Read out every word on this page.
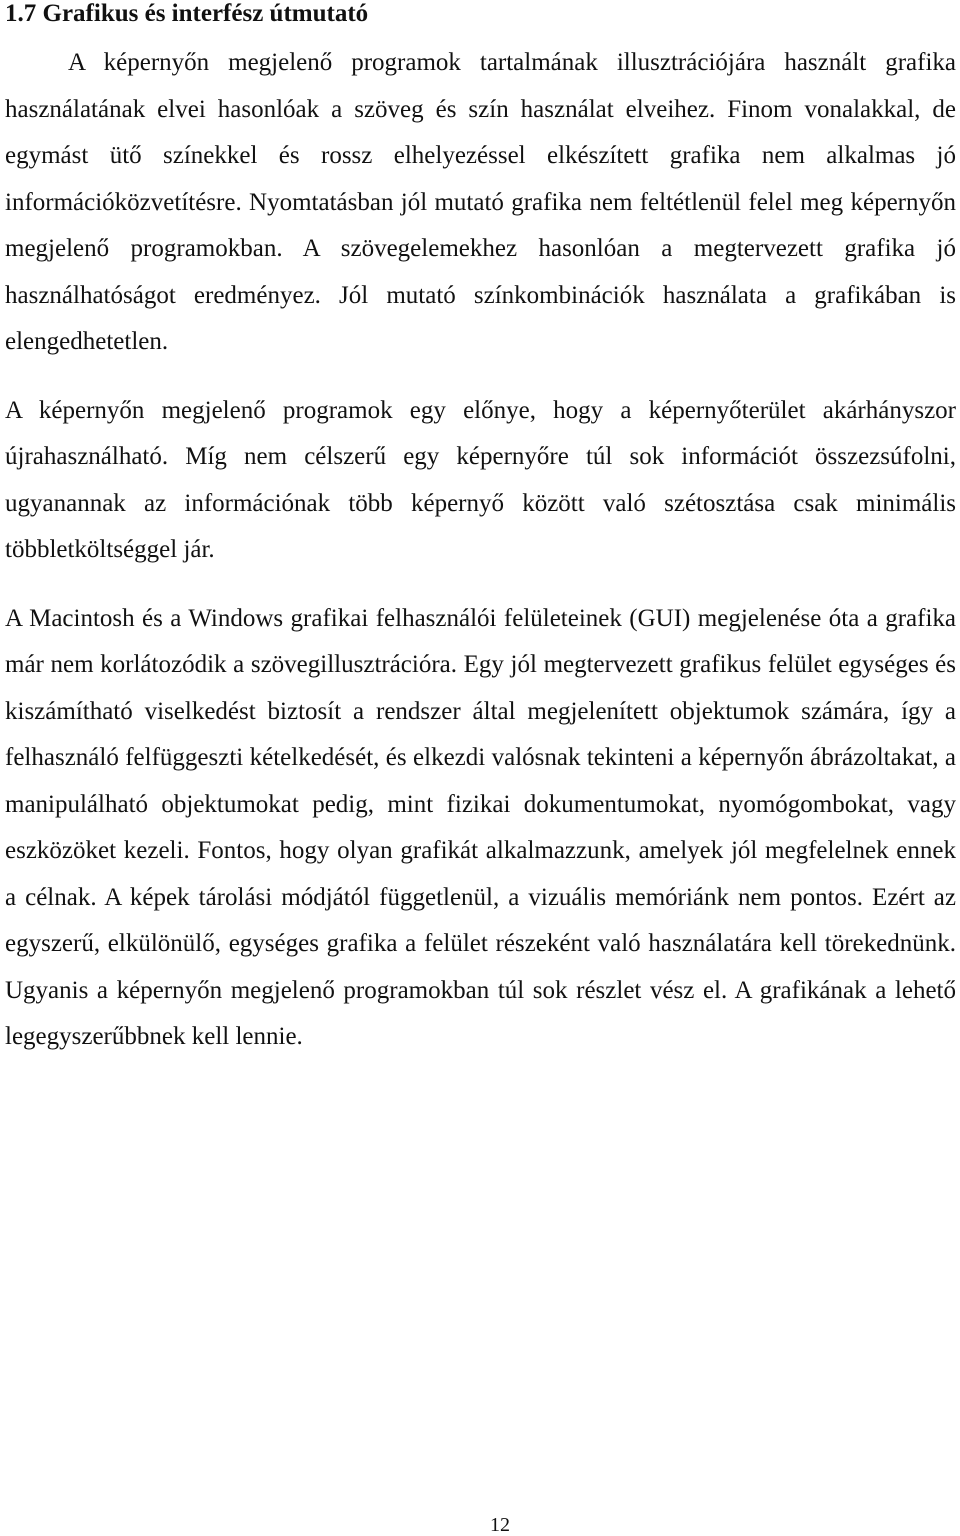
1.7 Grafikus és interfész útmutató

A képernyőn megjelenő programok tartalmának illusztrációjára használt grafika használatának elvei hasonlóak a szöveg és szín használat elveihez. Finom vonalakkal, de egymást ütő színekkel és rossz elhelyezéssel elkészített grafika nem alkalmas jó információközvetítésre. Nyomtatásban jól mutató grafika nem feltétlenül felel meg képernyőn megjelenő programokban. A szövegelemekhez hasonlóan a megtervezett grafika jó használhatóságot eredményez. Jól mutató színkombinációk használata a grafikában is elengedhetetlen.

A képernyőn megjelenő programok egy előnye, hogy a képernyőterület akárhányszor újrahasználható. Míg nem célszerű egy képernyőre túl sok információt összezsúfolni, ugyanannak az információnak több képernyő között való szétosztása csak minimális többletköltséggel jár.

A Macintosh és a Windows grafikai felhasználói felületeinek (GUI) megjelenése óta a grafika már nem korlátozódik a szövegillusztrációra. Egy jól megtervezett grafikus felület egységes és kiszámítható viselkedést biztosít a rendszer által megjelenített objektumok számára, így a felhasználó felfüggeszti kételkedését, és elkezdi valósnak tekinteni a képernyőn ábrázoltakat, a manipulálható objektumokat pedig, mint fizikai dokumentumokat, nyomógombokat, vagy eszközöket kezeli. Fontos, hogy olyan grafikát alkalmazzunk, amelyek jól megfelelnek ennek a célnak. A képek tárolási módjától függetlenül, a vizuális memóriánk nem pontos. Ezért az egyszerű, elkülönülő, egységes grafika a felület részeként való használatára kell törekednünk. Ugyanis a képernyőn megjelenő programokban túl sok részlet vész el. A grafikának a lehető legegyszerűbbnek kell lennie.

12
